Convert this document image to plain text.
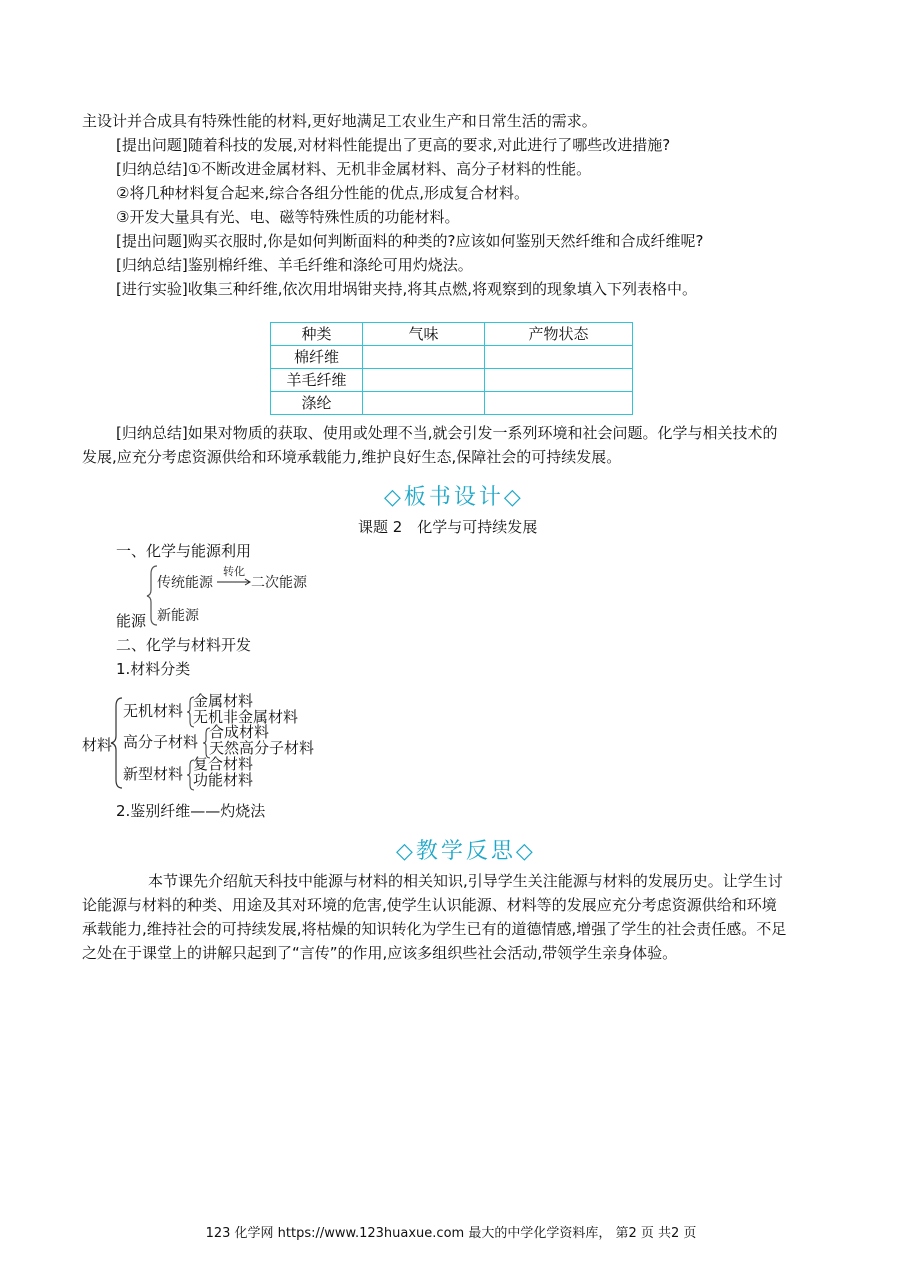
主设计并合成具有特殊性能的材料,更好地满足工农业生产和日常生活的需求。
[提出问题]随着科技的发展,对材料性能提出了更高的要求,对此进行了哪些改进措施?
[归纳总结]①不断改进金属材料、无机非金属材料、高分子材料的性能。
②将几种材料复合起来,综合各组分性能的优点,形成复合材料。
③开发大量具有光、电、磁等特殊性质的功能材料。
[提出问题]购买衣服时,你是如何判断面料的种类的?应该如何鉴别天然纤维和合成纤维呢?
[归纳总结]鉴别棉纤维、羊毛纤维和涤纶可用灼烧法。
[进行实验]收集三种纤维,依次用坩埚钳夹持,将其点燃,将观察到的现象填入下列表格中。
种类	气味	产物状态
棉纤维		
羊毛纤维		
涤纶		
[归纳总结]如果对物质的获取、使用或处理不当,就会引发一系列环境和社会问题。化学与相关技术的
发展,应充分考虑资源供给和环境承载能力,维护良好生态,保障社会的可持续发展。
◇板书设计◇
课题 2　化学与可持续发展
一、化学与能源利用
传统能源
转化
二次能源
新能源
能源
二、化学与材料开发
1.材料分类
材料
无机材料
金属材料
无机非金属材料
高分子材料
合成材料
天然高分子材料
新型材料
复合材料
功能材料
2.鉴别纤维——灼烧法
◇教学反思◇
本节课先介绍航天科技中能源与材料的相关知识,引导学生关注能源与材料的发展历史。让学生讨
论能源与材料的种类、用途及其对环境的危害,使学生认识能源、材料等的发展应充分考虑资源供给和环境
承载能力,维持社会的可持续发展,将枯燥的知识转化为学生已有的道德情感,增强了学生的社会责任感。不足
之处在于课堂上的讲解只起到了“言传”的作用,应该多组织些社会活动,带领学生亲身体验。
123 化学网 https://www.123huaxue.com 最大的中学化学资料库， 第2 页 共2 页
